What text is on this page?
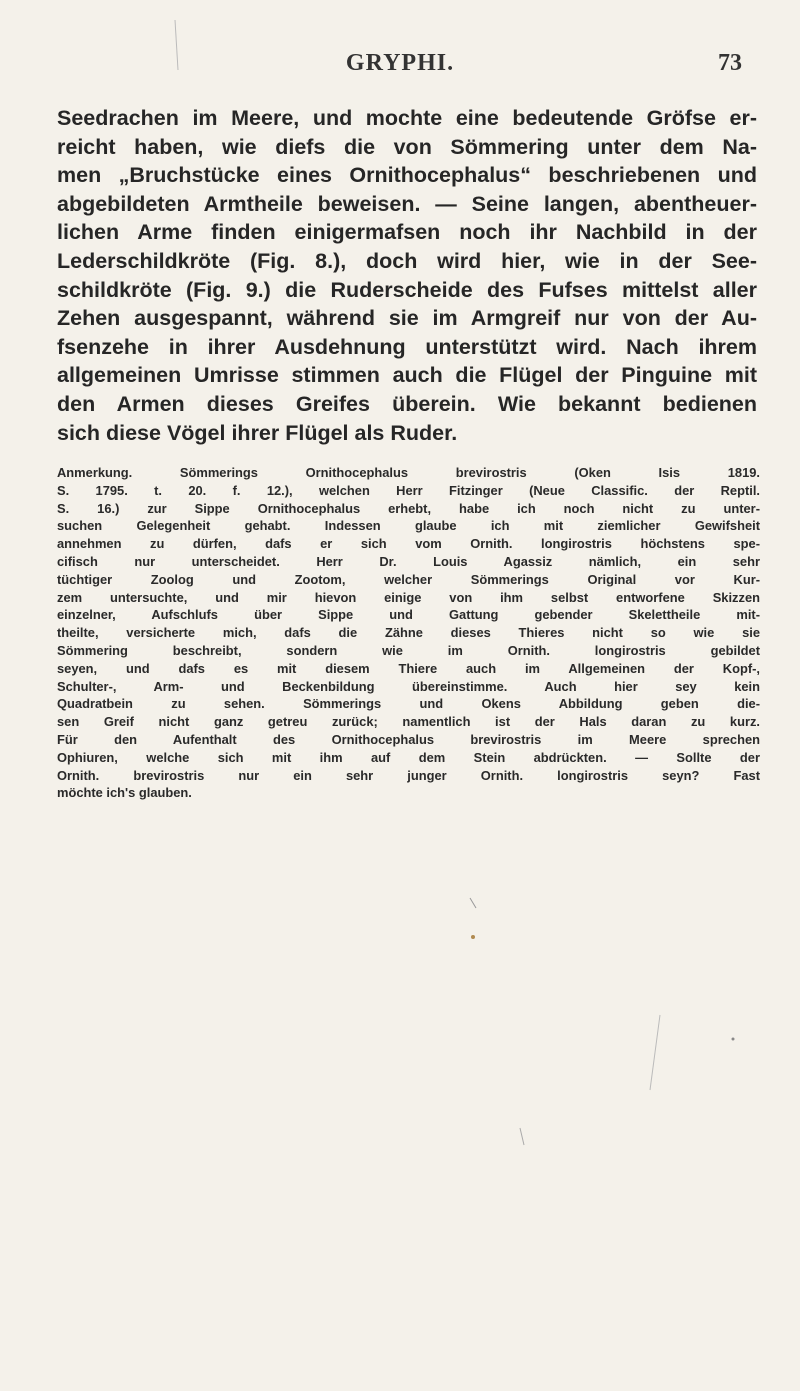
GRYPHI.	73
Seedrachen im Meere, und mochte eine bedeutende Gröfse er-
reicht haben, wie diefs die von Sömmering unter dem Na-
men „Bruchstücke eines Ornithocephalus“ beschriebenen und
abgebildeten Armtheile beweisen. — Seine langen, abentheuer-
lichen Arme finden einigermafsen noch ihr Nachbild in der
Lederschildkröte (Fig. 8.), doch wird hier, wie in der See-
schildkröte (Fig. 9.) die Ruderscheide des Fufses mittelst aller
Zehen ausgespannt, während sie im Armgreif nur von der Au-
fsenzehe in ihrer Ausdehnung unterstützt wird. Nach ihrem
allgemeinen Umrisse stimmen auch die Flügel der Pinguine mit
den Armen dieses Greifes überein. Wie bekannt bedienen
sich diese Vögel ihrer Flügel als Ruder.
Anmerkung. Sömmerings Ornithocephalus brevirostris (Oken Isis 1819.
S. 1795. t. 20. f. 12.), welchen Herr Fitzinger (Neue Classific. der Reptil.
S. 16.) zur Sippe Ornithocephalus erhebt, habe ich noch nicht zu unter-
suchen Gelegenheit gehabt. Indessen glaube ich mit ziemlicher Gewifsheit
annehmen zu dürfen, dafs er sich vom Ornith. longirostris höchstens spe-
cifisch nur unterscheidet. Herr Dr. Louis Agassiz nämlich, ein sehr
tüchtiger Zoolog und Zootom, welcher Sömmerings Original vor Kur-
zem untersuchte, und mir hievon einige von ihm selbst entworfene Skizzen
einzelner, Aufschlufs über Sippe und Gattung gebender Skelettheile mit-
theilte, versicherte mich, dafs die Zähne dieses Thieres nicht so wie sie
Sömmering beschreibt, sondern wie im Ornith. longirostris gebildet
seyen, und dafs es mit diesem Thiere auch im Allgemeinen der Kopf-,
Schulter-, Arm- und Beckenbildung übereinstimme. Auch hier sey kein
Quadratbein zu sehen. Sömmerings und Okens Abbildung geben die-
sen Greif nicht ganz getreu zurück; namentlich ist der Hals daran zu kurz.
Für den Aufenthalt des Ornithocephalus brevirostris im Meere sprechen
Ophiuren, welche sich mit ihm auf dem Stein abdrückten. — Sollte der
Ornith. brevirostris nur ein sehr junger Ornith. longirostris seyn? Fast
möchte ich's glauben.
